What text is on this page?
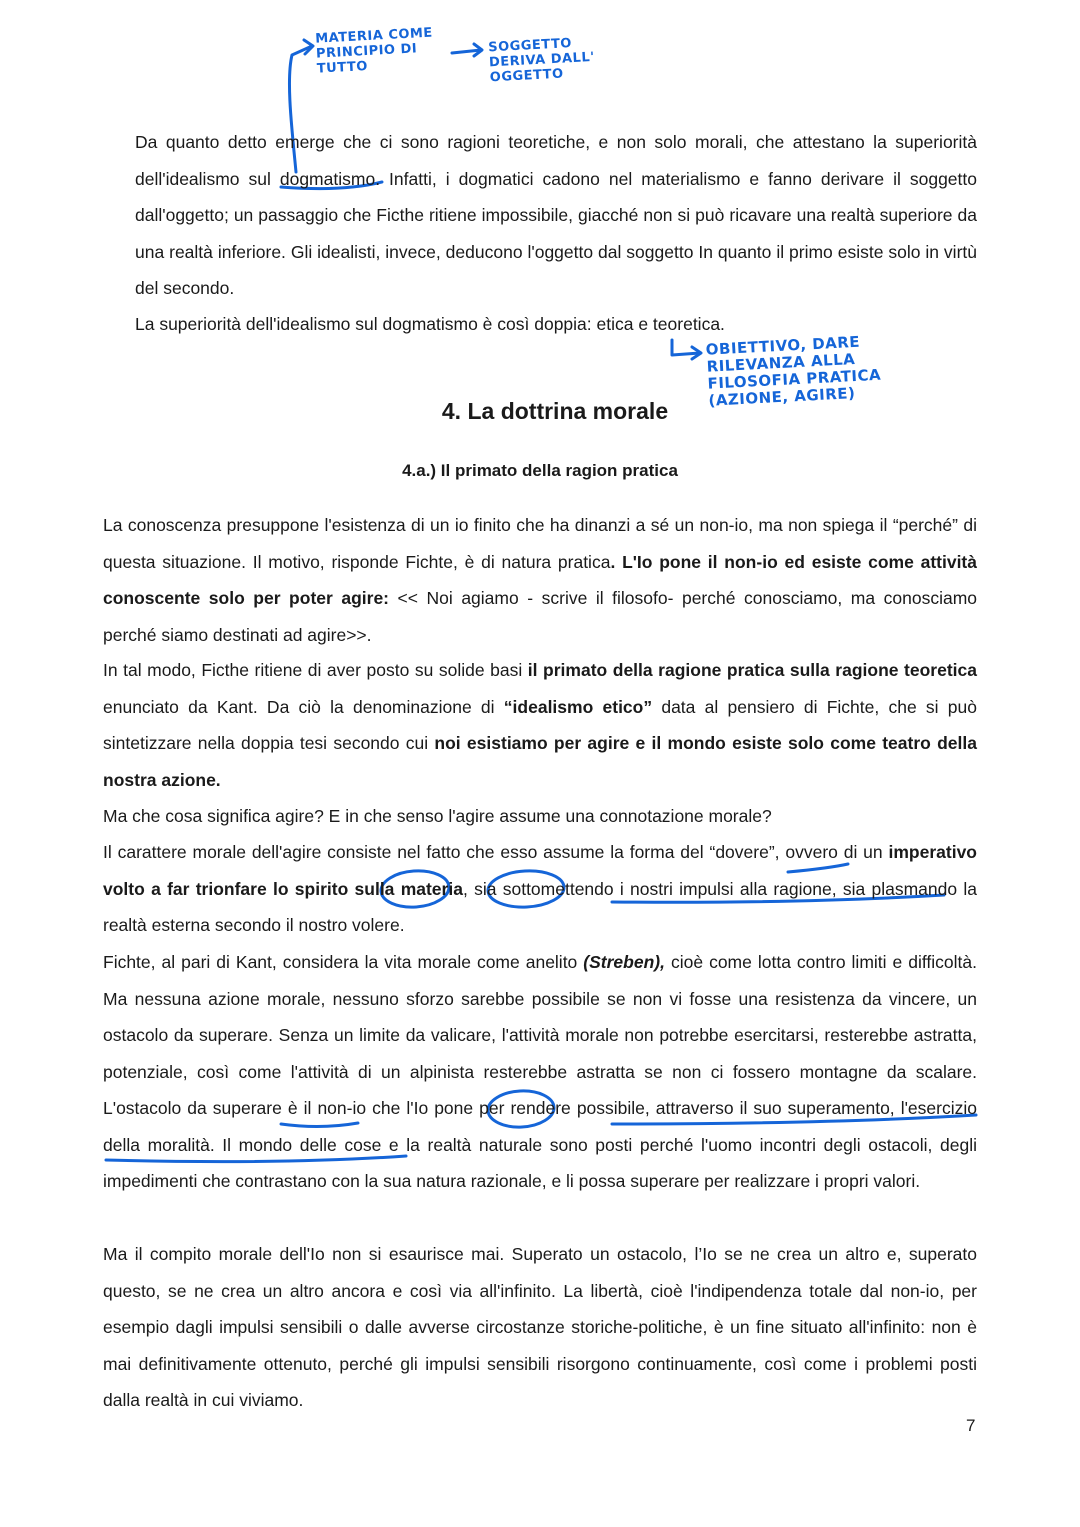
MATERIA COME PRINCIPIO DI TUTTO
SOGGETTO DERIVA DALL' OGGETTO
OBIETTIVO, DARE RILEVANZA ALLA FILOSOFIA PRATICA (AZIONE, AGIRE)

Da quanto detto emerge che ci sono ragioni teoretiche, e non solo morali, che attestano la superiorità dell'idealismo sul dogmatismo. Infatti, i dogmatici cadono nel materialismo e fanno derivare il soggetto dall'oggetto; un passaggio che Ficthe ritiene impossibile, giacché non si può ricavare una realtà superiore da una realtà inferiore. Gli idealisti, invece, deducono l'oggetto dal soggetto In quanto il primo esiste solo in virtù del secondo.

La superiorità dell'idealismo sul dogmatismo è così doppia: etica e teoretica.

4. La dottrina morale
4.a.) Il primato della ragion pratica

La conoscenza presuppone l'esistenza di un io finito che ha dinanzi a sé un non-io, ma non spiega il “perché” di questa situazione. Il motivo, risponde Fichte, è di natura pratica. L'Io pone il non-io ed esiste come attività conoscente solo per poter agire: << Noi agiamo - scrive il filosofo- perché conosciamo, ma conosciamo perché siamo destinati ad agire>>.

In tal modo, Ficthe ritiene di aver posto su solide basi il primato della ragione pratica sulla ragione teoretica enunciato da Kant. Da ciò la denominazione di “idealismo etico” data al pensiero di Fichte, che si può sintetizzare nella doppia tesi secondo cui noi esistiamo per agire e il mondo esiste solo come teatro della nostra azione.

Ma che cosa significa agire? E in che senso l'agire assume una connotazione morale?

Il carattere morale dell'agire consiste nel fatto che esso assume la forma del “dovere”, ovvero di un imperativo volto a far trionfare lo spirito sulla materia, sia sottomettendo i nostri impulsi alla ragione, sia plasmando la realtà esterna secondo il nostro volere.

Fichte, al pari di Kant, considera la vita morale come anelito (Streben), cioè come lotta contro limiti e difficoltà. Ma nessuna azione morale, nessuno sforzo sarebbe possibile se non vi fosse una resistenza da vincere, un ostacolo da superare. Senza un limite da valicare, l'attività morale non potrebbe esercitarsi, resterebbe astratta, potenziale, così come l'attività di un alpinista resterebbe astratta se non ci fossero montagne da scalare. L'ostacolo da superare è il non-io che l'Io pone per rendere possibile, attraverso il suo superamento, l'esercizio della moralità. Il mondo delle cose e la realtà naturale sono posti perché l'uomo incontri degli ostacoli, degli impedimenti che contrastano con la sua natura razionale, e li possa superare per realizzare i propri valori.

Ma il compito morale dell'Io non si esaurisce mai. Superato un ostacolo, l’Io se ne crea un altro e, superato questo, se ne crea un altro ancora e così via all'infinito. La libertà, cioè l'indipendenza totale dal non-io, per esempio dagli impulsi sensibili o dalle avverse circostanze storiche-politiche, è un fine situato all'infinito: non è mai definitivamente ottenuto, perché gli impulsi sensibili risorgono continuamente, così come i problemi posti dalla realtà in cui viviamo.

7
